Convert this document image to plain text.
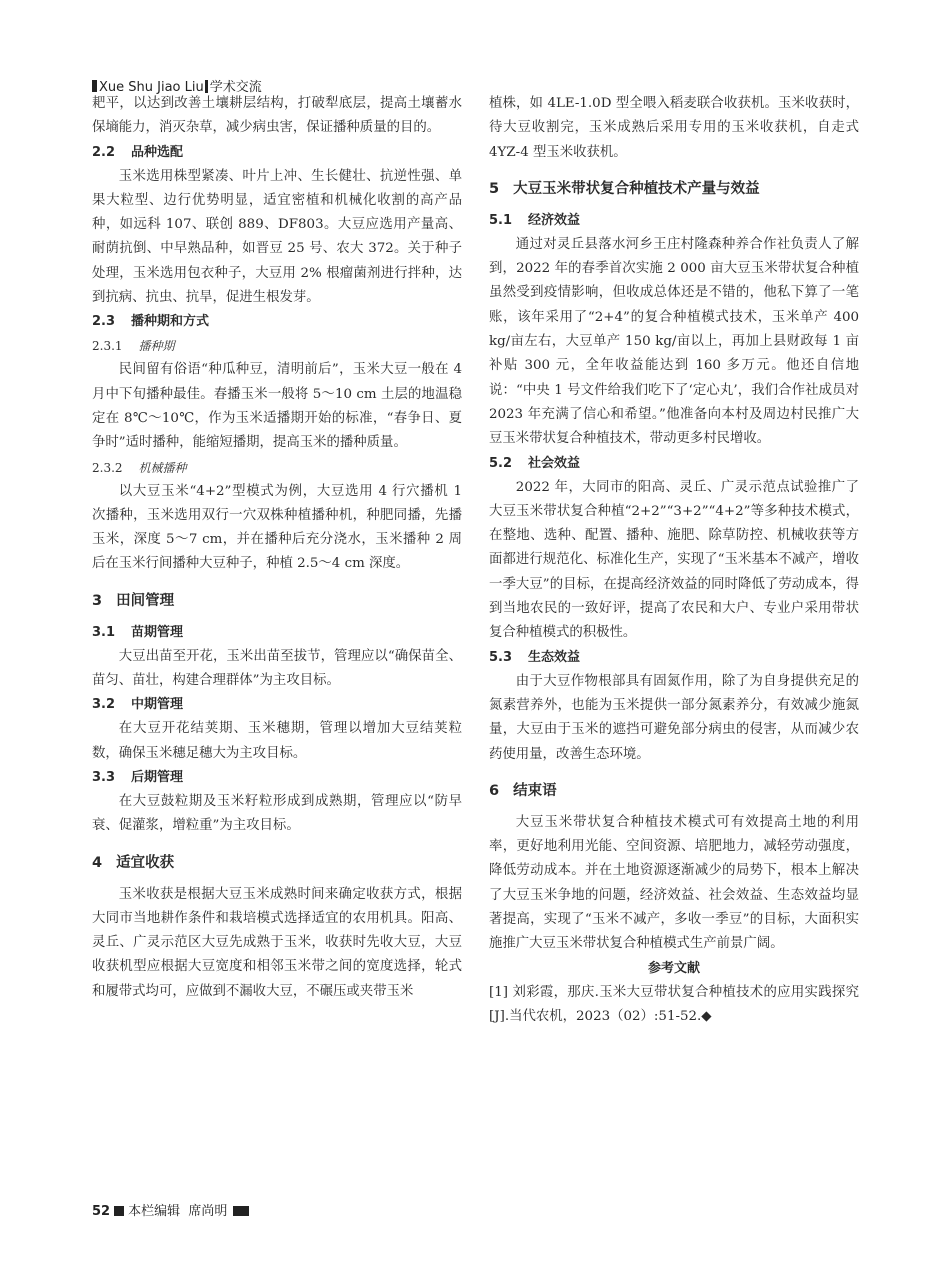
Xue Shu Jiao Liu 学术交流

耙平，以达到改善土壤耕层结构，打破犁底层，提高土壤蓄水保墒能力，消灭杂草，减少病虫害，保证播种质量的目的。

2.2 品种选配

玉米选用株型紧凑、叶片上冲、生长健壮、抗逆性强、单果大粒型、边行优势明显，适宜密植和机械化收割的高产品种，如远科 107、联创 889、DF803。大豆应选用产量高、耐荫抗倒、中早熟品种，如晋豆 25 号、农大 372。关于种子处理，玉米选用包衣种子，大豆用 2% 根瘤菌剂进行拌种，达到抗病、抗虫、抗旱，促进生根发芽。

2.3 播种期和方式
2.3.1 播种期

民间留有俗语“种瓜种豆，清明前后”，玉米大豆一般在 4 月中下旬播种最佳。春播玉米一般将 5～10 cm 土层的地温稳定在 8℃～10℃，作为玉米适播期开始的标准，“春争日、夏争时”适时播种，能缩短播期，提高玉米的播种质量。

2.3.2 机械播种

以大豆玉米“4+2”型模式为例，大豆选用 4 行穴播机 1 次播种，玉米选用双行一穴双株种植播种机，种肥同播，先播玉米，深度 5～7 cm，并在播种后充分浇水，玉米播种 2 周后在玉米行间播种大豆种子，种植 2.5～4 cm 深度。

3 田间管理
3.1 苗期管理

大豆出苗至开花，玉米出苗至拔节，管理应以“确保苗全、苗匀、苗壮，构建合理群体”为主攻目标。

3.2 中期管理

在大豆开花结荚期、玉米穗期，管理以增加大豆结荚粒数，确保玉米穗足穗大为主攻目标。

3.3 后期管理

在大豆鼓粒期及玉米籽粒形成到成熟期，管理应以“防早衰、促灌浆，增粒重”为主攻目标。

4 适宜收获

玉米收获是根据大豆玉米成熟时间来确定收获方式，根据大同市当地耕作条件和栽培模式选择适宜的农用机具。阳高、灵丘、广灵示范区大豆先成熟于玉米，收获时先收大豆，大豆收获机型应根据大豆宽度和相邻玉米带之间的宽度选择，轮式和履带式均可，应做到不漏收大豆，不碾压或夹带玉米

植株，如 4LE-1.0D 型全喂入稻麦联合收获机。玉米收获时，待大豆收割完，玉米成熟后采用专用的玉米收获机，自走式 4YZ-4 型玉米收获机。

5 大豆玉米带状复合种植技术产量与效益
5.1 经济效益

通过对灵丘县落水河乡王庄村隆森种养合作社负责人了解到，2022 年的春季首次实施 2 000 亩大豆玉米带状复合种植虽然受到疫情影响，但收成总体还是不错的，他私下算了一笔账，该年采用了“2+4”的复合种植模式技术，玉米单产 400 kg/亩左右，大豆单产 150 kg/亩以上，再加上县财政每 1 亩补贴 300 元，全年收益能达到 160 多万元。他还自信地说：“中央 1 号文件给我们吃下了‘定心丸’，我们合作社成员对 2023 年充满了信心和希望。”他准备向本村及周边村民推广大豆玉米带状复合种植技术，带动更多村民增收。

5.2 社会效益

2022 年，大同市的阳高、灵丘、广灵示范点试验推广了大豆玉米带状复合种植“2+2”“3+2”“4+2”等多种技术模式，在整地、选种、配置、播种、施肥、除草防控、机械收获等方面都进行规范化、标准化生产，实现了“玉米基本不减产，增收一季大豆”的目标，在提高经济效益的同时降低了劳动成本，得到当地农民的一致好评，提高了农民和大户、专业户采用带状复合种植模式的积极性。

5.3 生态效益

由于大豆作物根部具有固氮作用，除了为自身提供充足的氮素营养外，也能为玉米提供一部分氮素养分，有效减少施氮量，大豆由于玉米的遮挡可避免部分病虫的侵害，从而减少农药使用量，改善生态环境。

6 结束语

大豆玉米带状复合种植技术模式可有效提高土地的利用率，更好地利用光能、空间资源、培肥地力，减轻劳动强度，降低劳动成本。并在土地资源逐渐减少的局势下，根本上解决了大豆玉米争地的问题，经济效益、社会效益、生态效益均显著提高，实现了“玉米不减产，多收一季豆”的目标，大面积实施推广大豆玉米带状复合种植模式生产前景广阔。

参考文献

[1] 刘彩霞，那庆.玉米大豆带状复合种植技术的应用实践探究[J].当代农机，2023（02）:51-52.◆

52 本栏编辑 席尚明
